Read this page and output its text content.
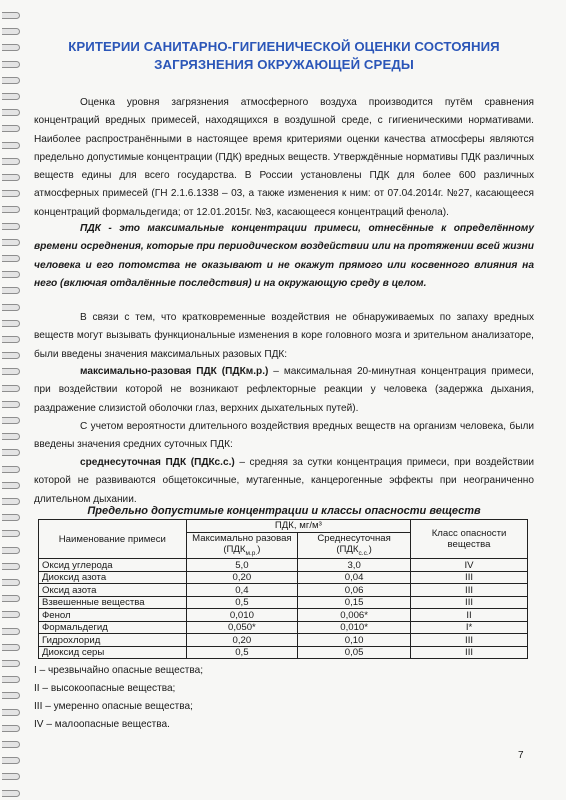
КРИТЕРИИ САНИТАРНО-ГИГИЕНИЧЕСКОЙ ОЦЕНКИ СОСТОЯНИЯ
ЗАГРЯЗНЕНИЯ ОКРУЖАЮЩЕЙ СРЕДЫ

Оценка уровня загрязнения атмосферного воздуха производится путём сравнения концентраций вредных примесей, находящихся в воздушной среде, с гигиеническими нормативами. Наиболее распространёнными в настоящее время критериями оценки качества атмосферы являются предельно допустимые концентрации (ПДК) вредных веществ. Утверждённые нормативы ПДК различных веществ едины для всего государства. В России установлены ПДК для более 600 различных атмосферных примесей (ГН 2.1.6.1338 – 03, а также изменения к ним: от 07.04.2014г. №27, касающееся концентраций формальдегида; от 12.01.2015г. №3, касающееся концентраций фенола).

ПДК - это максимальные концентрации примеси, отнесённые к определённому времени осреднения, которые при периодическом воздействии или на протяжении всей жизни человека и его потомства не оказывают и не окажут прямого или косвенного влияния на него (включая отдалённые последствия) и на окружающую среду в целом.

В связи с тем, что кратковременные воздействия не обнаруживаемых по запаху вредных веществ могут вызывать функциональные изменения в коре головного мозга и зрительном анализаторе, были введены значения максимальных разовых ПДК:

максимально-разовая ПДК (ПДКм.р.) – максимальная 20-минутная концентрация примеси, при воздействии которой не возникают рефлекторные реакции у человека (задержка дыхания, раздражение слизистой оболочки глаз, верхних дыхательных путей).

С учетом вероятности длительного воздействия вредных веществ на организм человека, были введены значения средних суточных ПДК:

среднесуточная ПДК (ПДКс.с.) – средняя за сутки концентрация примеси, при воздействии которой не развиваются общетоксичные, мутагенные, канцерогенные эффекты при неограниченно длительном дыхании.

Предельно допустимые концентрации и классы опасности веществ
Наименование примеси	ПДК, мг/м³		Класс опасности вещества
	Максимально разовая
$(ПДК_{м.р.})$	Среднесуточная
$(ПДК_{с.с.})$	
Оксид углерода	5,0	3,0	IV
Диоксид азота	0,20	0,04	III
Оксид азота	0,4	0,06	III
Взвешенные вещества	0,5	0,15	III
Фенол	0,010	0,006*	II
Формальдегид	0,050*	0,010*	I*
Гидрохлорид	0,20	0,10	III
Диоксид серы	0,5	0,05	III
I – чрезвычайно опасные вещества;
II – высокоопасные вещества;
III – умеренно опасные вещества;
IV – малоопасные вещества.
7
